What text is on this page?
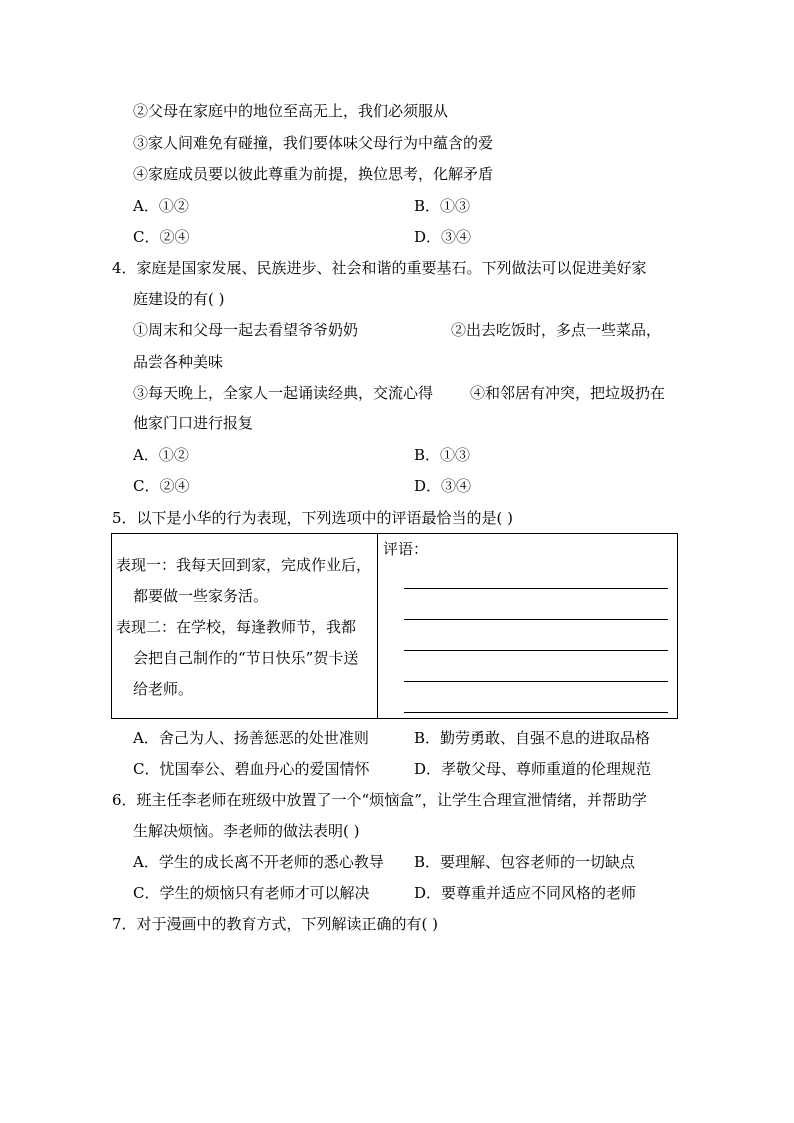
②父母在家庭中的地位至高无上，我们必须服从
③家人间难免有碰撞，我们要体味父母行为中蕴含的爱
④家庭成员要以彼此尊重为前提，换位思考，化解矛盾
A．①②	B．①③
C．②④	D．③④
4．家庭是国家发展、民族进步、社会和谐的重要基石。下列做法可以促进美好家
庭建设的有( )
①周末和父母一起去看望爷爷奶奶	②出去吃饭时，多点一些菜品，
品尝各种美味
③每天晚上，全家人一起诵读经典，交流心得 ④和邻居有冲突，把垃圾扔在
他家门口进行报复
A．①②	B．①③
C．②④	D．③④
5．以下是小华的行为表现，下列选项中的评语最恰当的是( )
表现一：我每天回到家，完成作业后，
都要做一些家务活。
表现二：在学校，每逢教师节，我都
会把自己制作的“节日快乐”贺卡送
给老师。
评语：
A．舍己为人、扬善惩恶的处世准则	B．勤劳勇敢、自强不息的进取品格
C．忧国奉公、碧血丹心的爱国情怀	D．孝敬父母、尊师重道的伦理规范
6．班主任李老师在班级中放置了一个“烦恼盒”，让学生合理宣泄情绪，并帮助学
生解决烦恼。李老师的做法表明( )
A．学生的成长离不开老师的悉心教导 B．要理解、包容老师的一切缺点
C．学生的烦恼只有老师才可以解决	D．要尊重并适应不同风格的老师
7．对于漫画中的教育方式，下列解读正确的有( )
